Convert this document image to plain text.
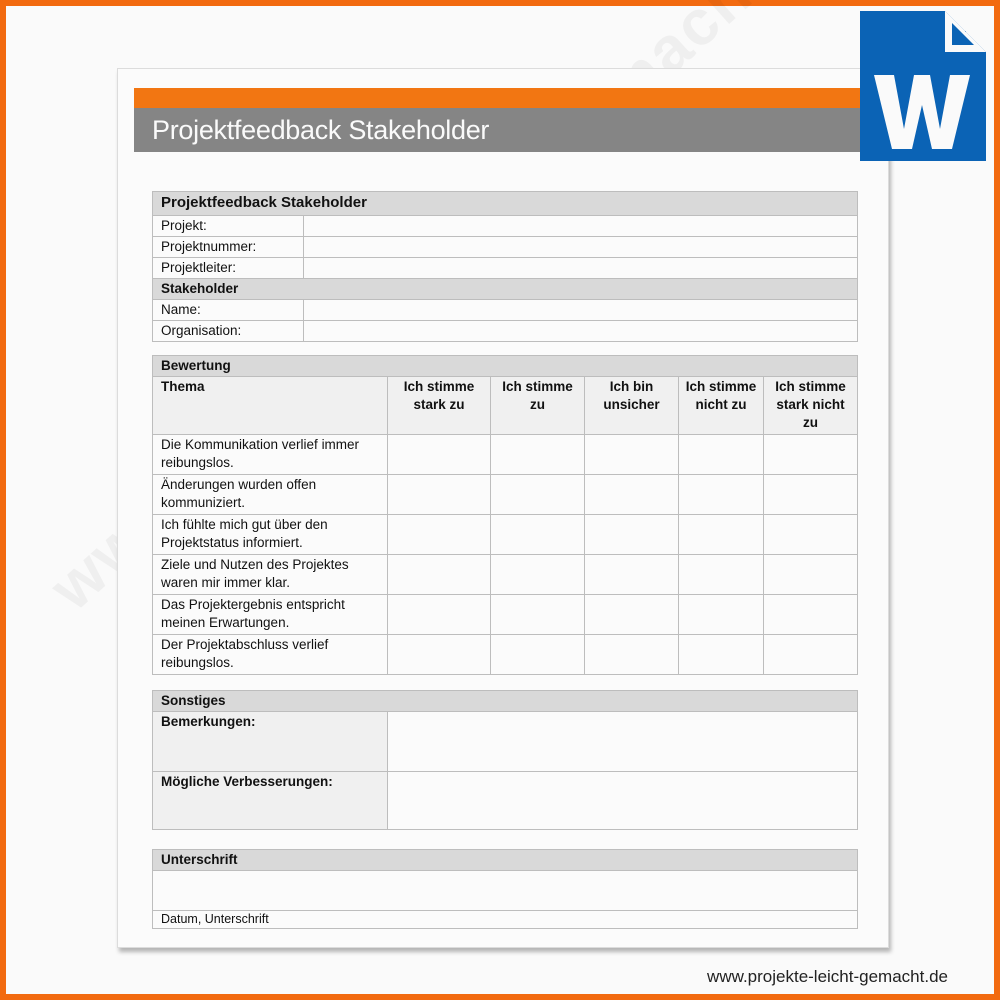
Projektfeedback Stakeholder
Projektfeedback Stakeholder	
Projekt:	
Projektnummer:	
Projektleiter:	
Stakeholder	
Name:	
Organisation:	
Bewertung					
Thema	Ich stimme stark zu	Ich stimme zu	Ich bin unsicher	Ich stimme nicht zu	Ich stimme stark nicht zu
Die Kommunikation verlief immer reibungslos.					
Änderungen wurden offen kommuniziert.					
Ich fühlte mich gut über den Projektstatus informiert.					
Ziele und Nutzen des Projektes waren mir immer klar.					
Das Projektergebnis entspricht meinen Erwartungen.					
Der Projektabschluss verlief reibungslos.					
Sonstiges	
Bemerkungen:	
Mögliche Verbesserungen:	
Unterschrift

Datum, Unterschrift
www.projekte-leicht-gemacht.de
